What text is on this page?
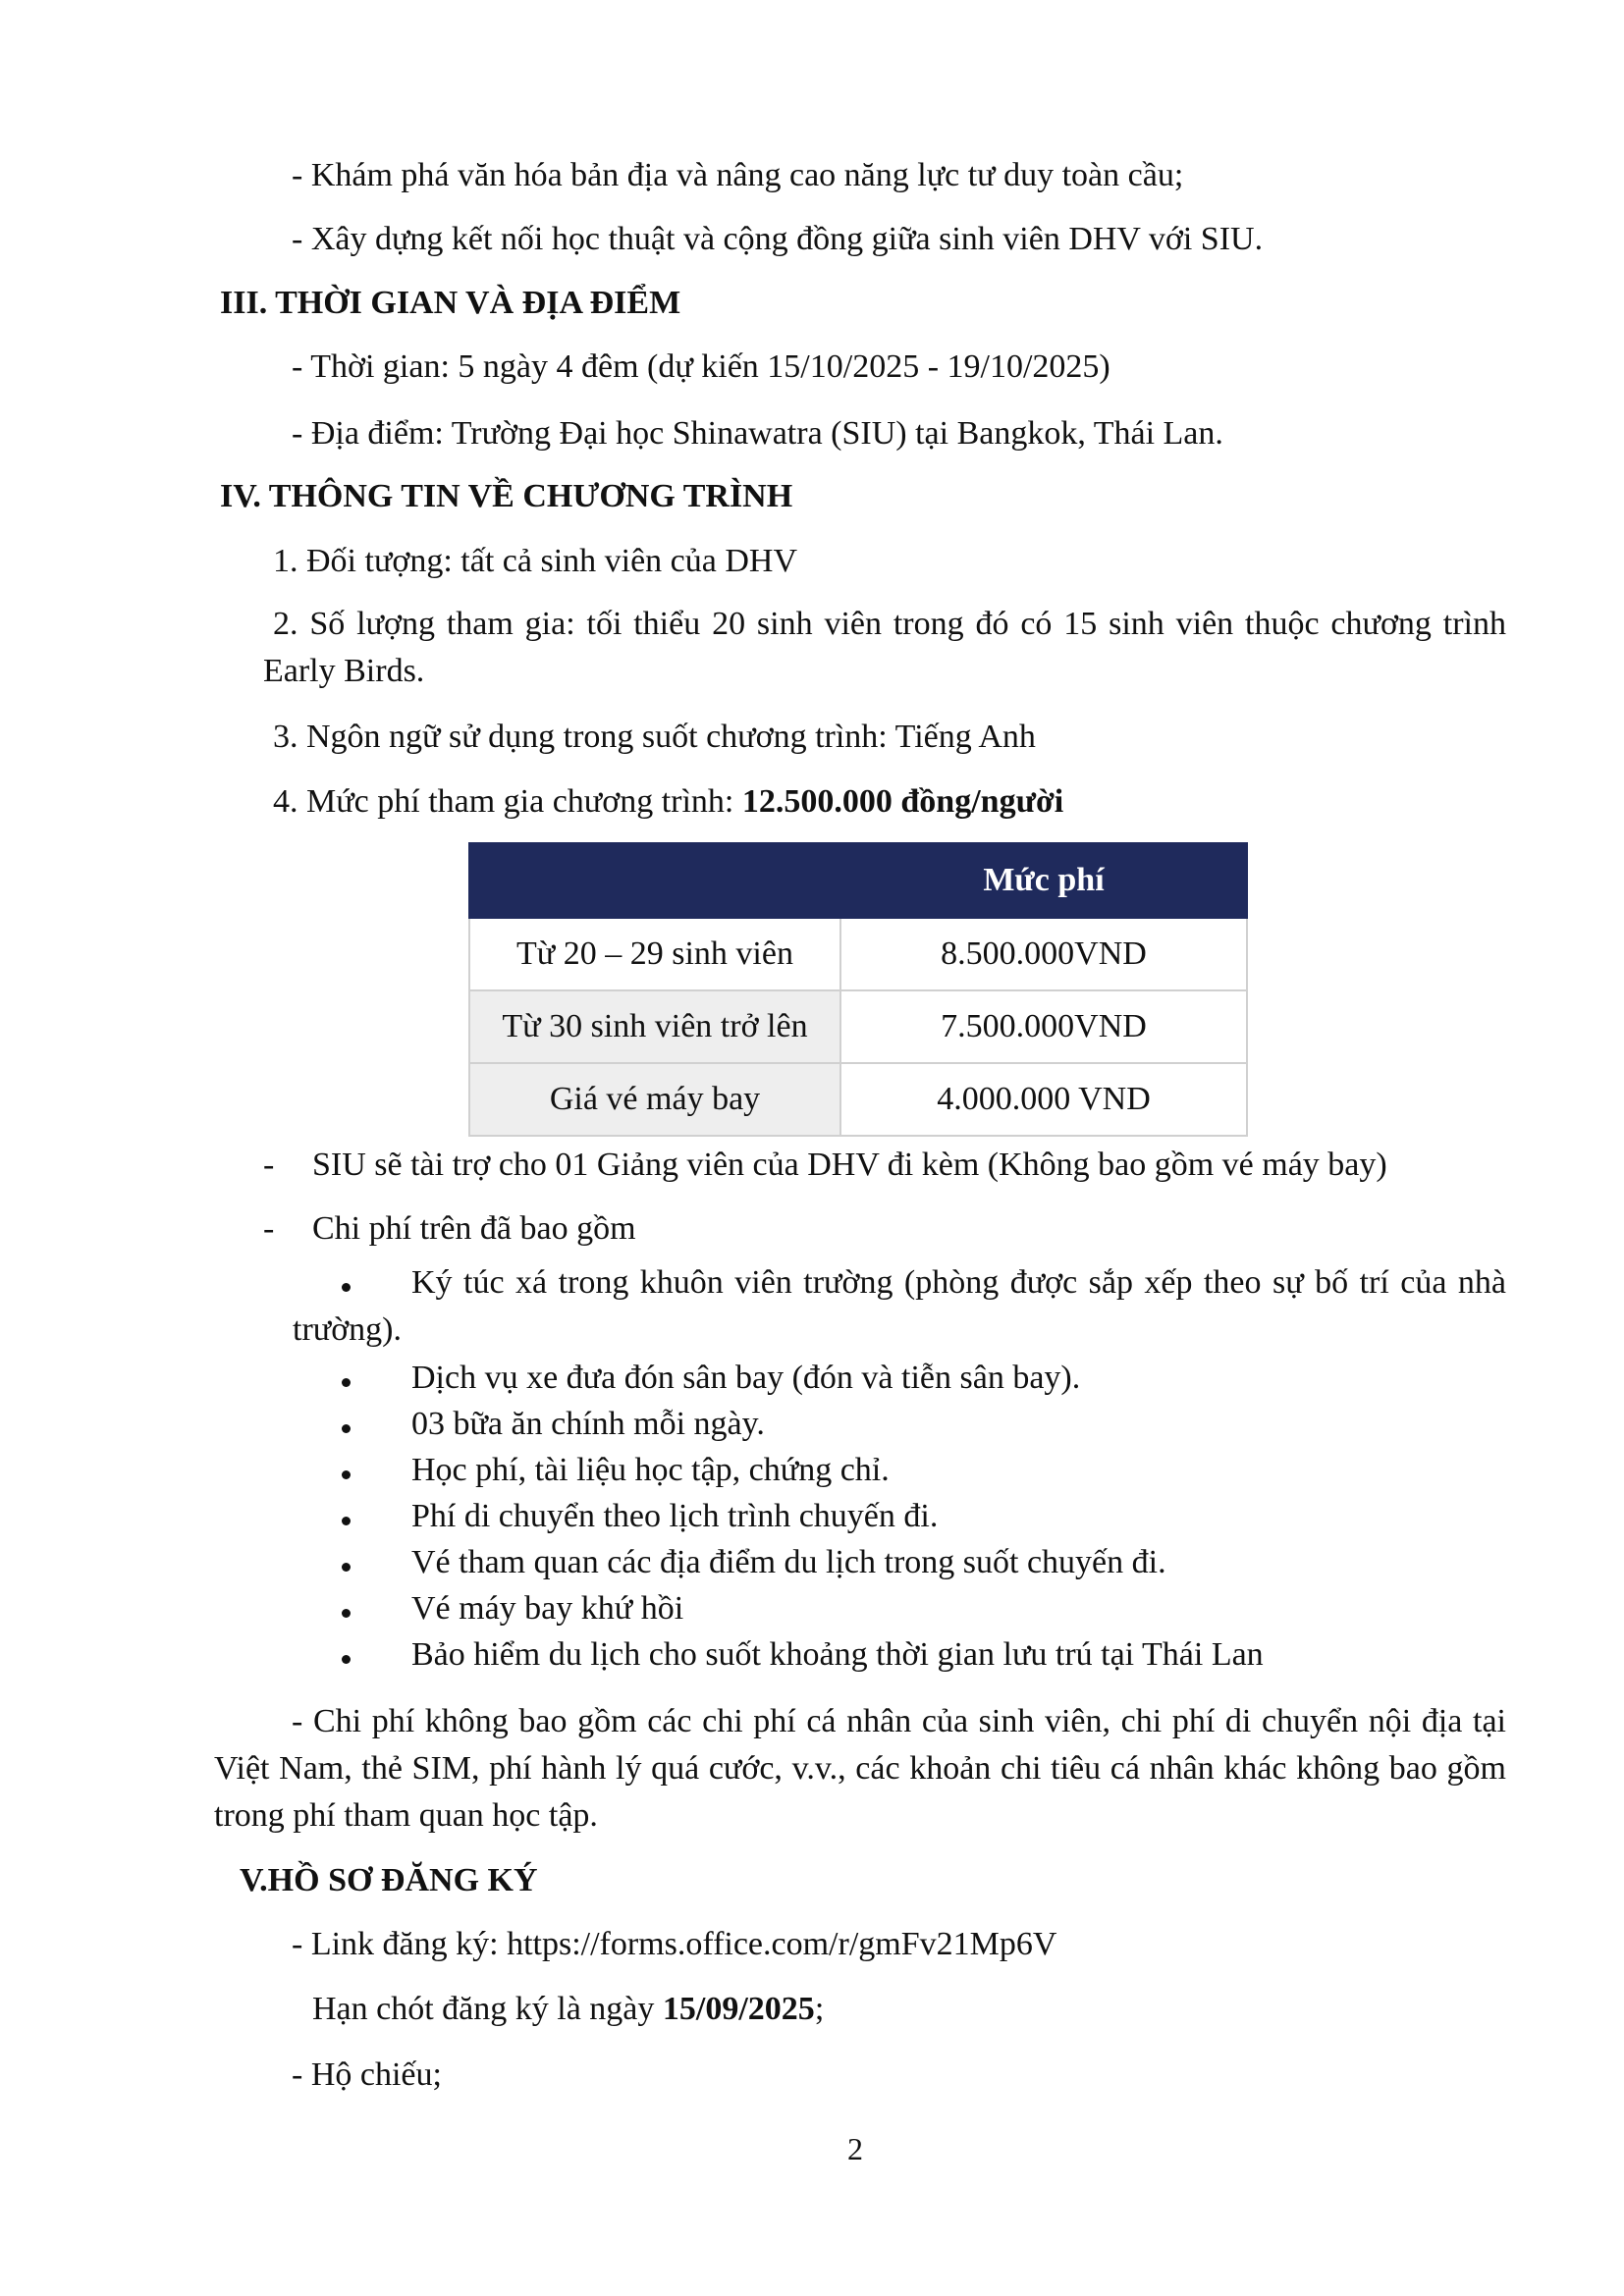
- Khám phá văn hóa bản địa và nâng cao năng lực tư duy toàn cầu;
- Xây dựng kết nối học thuật và cộng đồng giữa sinh viên DHV với SIU.
III. THỜI GIAN VÀ ĐỊA ĐIỂM
- Thời gian: 5 ngày 4 đêm (dự kiến 15/10/2025 - 19/10/2025)
- Địa điểm: Trường Đại học Shinawatra (SIU) tại Bangkok, Thái Lan.
IV. THÔNG TIN VỀ CHƯƠNG TRÌNH
1. Đối tượng: tất cả sinh viên của DHV
2. Số lượng tham gia: tối thiểu 20 sinh viên trong đó có 15 sinh viên thuộc chương trình Early Birds.
3. Ngôn ngữ sử dụng trong suốt chương trình: Tiếng Anh
4. Mức phí tham gia chương trình: 12.500.000 đồng/người
	Mức phí
Từ 20 – 29 sinh viên	8.500.000VND
Từ 30 sinh viên trở lên	7.500.000VND
Giá vé máy bay	4.000.000 VND
- SIU sẽ tài trợ cho 01 Giảng viên của DHV đi kèm (Không bao gồm vé máy bay)
- Chi phí trên đã bao gồm
Ký túc xá trong khuôn viên trường (phòng được sắp xếp theo sự bố trí của nhà trường).
Dịch vụ xe đưa đón sân bay (đón và tiễn sân bay).
03 bữa ăn chính mỗi ngày.
Học phí, tài liệu học tập, chứng chỉ.
Phí di chuyển theo lịch trình chuyến đi.
Vé tham quan các địa điểm du lịch trong suốt chuyến đi.
Vé máy bay khứ hồi
Bảo hiểm du lịch cho suốt khoảng thời gian lưu trú tại Thái Lan
- Chi phí không bao gồm các chi phí cá nhân của sinh viên, chi phí di chuyển nội địa tại Việt Nam, thẻ SIM, phí hành lý quá cước, v.v., các khoản chi tiêu cá nhân khác không bao gồm trong phí tham quan học tập.
V.HỒ SƠ ĐĂNG KÝ
- Link đăng ký: https://forms.office.com/r/gmFv21Mp6V
Hạn chót đăng ký là ngày 15/09/2025;
- Hộ chiếu;
2
